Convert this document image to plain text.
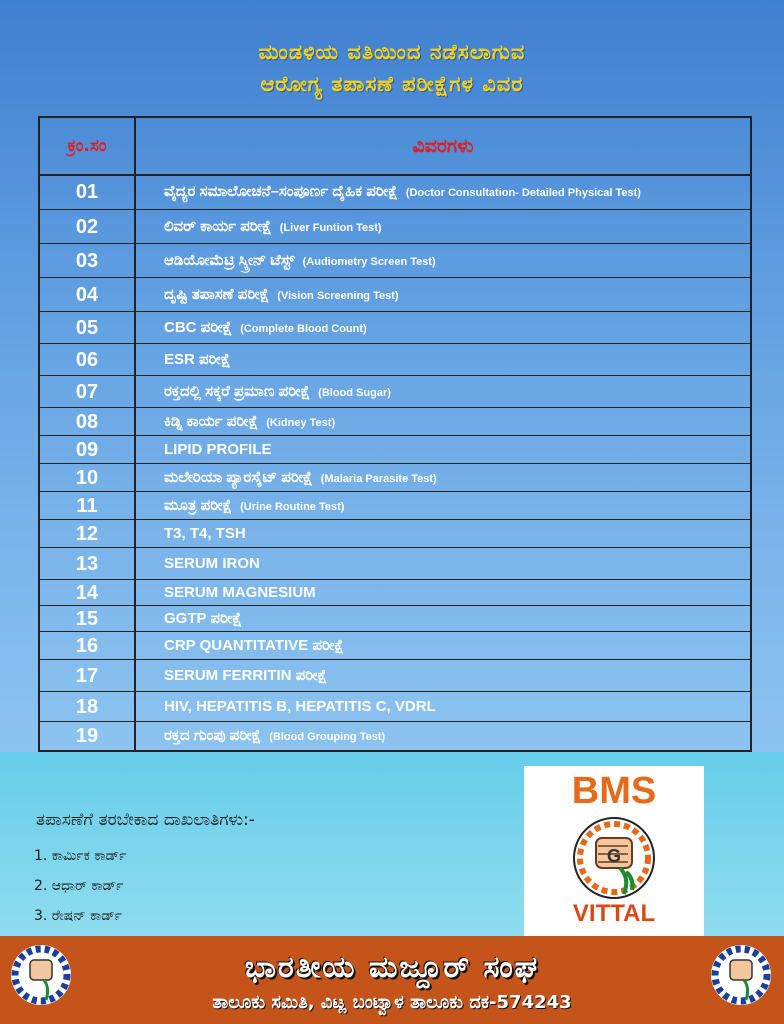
ಮಂಡಳಿಯ ವತಿಯಿಂದ ನಡೆಸಲಾಗುವ
ಆರೋಗ್ಯ ತಪಾಸಣೆ ಪರೀಕ್ಷೆಗಳ ವಿವರ
ಕ್ರಂ.ಸಂ	ವಿವರಗಳು
01	ವೈದ್ಯರ ಸಮಾಲೋಚನೆ–ಸಂಪೂರ್ಣ ದೈಹಿಕ ಪರೀಕ್ಷೆ (Doctor Consultation- Detailed Physical Test)
02	ಲಿವರ್ ಕಾರ್ಯ ಪರೀಕ್ಷೆ (Liver Funtion Test)
03	ಆಡಿಯೋಮೆಟ್ರಿ ಸ್ಕ್ರೀನ್ ಟೆಸ್ಟ್ (Audiometry Screen Test)
04	ದೃಷ್ಟಿ ತಪಾಸಣೆ ಪರೀಕ್ಷೆ (Vision Screening Test)
05	CBC ಪರೀಕ್ಷೆ (Complete Blood Count)
06	ESR ಪರೀಕ್ಷೆ
07	ರಕ್ತದಲ್ಲಿ ಸಕ್ಕರೆ ಪ್ರಮಾಣ ಪರೀಕ್ಷೆ (Blood Sugar)
08	ಕಿಡ್ನಿ ಕಾರ್ಯ ಪರೀಕ್ಷೆ (Kidney Test)
09	LIPID PROFILE
10	ಮಲೇರಿಯಾ ಪ್ಯಾರಸೈಟ್ ಪರೀಕ್ಷೆ (Malaria Parasite Test)
11	ಮೂತ್ರ ಪರೀಕ್ಷೆ (Urine Routine Test)
12	T3, T4, TSH
13	SERUM IRON
14	SERUM MAGNESIUM
15	GGTP ಪರೀಕ್ಷೆ
16	CRP QUANTITATIVE ಪರೀಕ್ಷೆ
17	SERUM FERRITIN ಪರೀಕ್ಷೆ
18	HIV, HEPATITIS B, HEPATITIS C, VDRL
19	ರಕ್ತದ ಗುಂಪು ಪರೀಕ್ಷೆ (Blood Grouping Test)
ತಪಾಸಣೆಗೆ ತರಬೇಕಾದ ದಾಖಲಾತಿಗಳು:-
1. ಕಾರ್ಮಿಕ ಕಾರ್ಡ್
2. ಆಧಾರ್ ಕಾರ್ಡ್
3. ರೇಷನ್ ಕಾರ್ಡ್
BMS
G
VITTAL
ಭಾರತೀಯ ಮಜ್ದೂರ್ ಸಂಘ
ತಾಲೂಕು ಸಮಿತಿ, ವಿಟ್ಲ ಬಂಟ್ವಾಳ ತಾಲೂಕು ದಕ-574243
